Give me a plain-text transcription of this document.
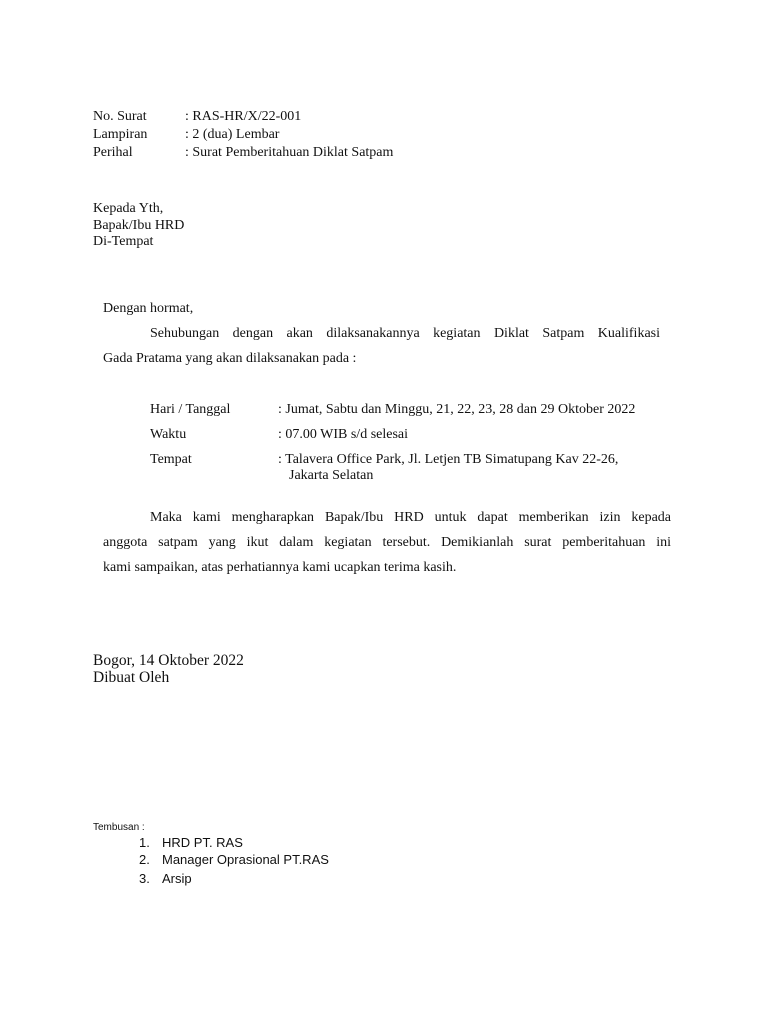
No. Surat	: RAS-HR/X/22-001
Lampiran	: 2 (dua) Lembar
Perihal	: Surat Pemberitahuan Diklat Satpam
Kepada Yth,
Bapak/Ibu HRD
Di-Tempat
Dengan hormat,
Sehubungan dengan akan dilaksanakannya kegiatan Diklat Satpam Kualifikasi
Gada Pratama yang akan dilaksanakan pada :
Hari / Tanggal	: Jumat, Sabtu dan Minggu, 21, 22, 23, 28 dan 29 Oktober 2022
Waktu	: 07.00 WIB s/d selesai
Tempat	: Talavera Office Park, Jl. Letjen TB Simatupang Kav 22-26,
Jakarta Selatan
Maka kami mengharapkan Bapak/Ibu HRD untuk dapat memberikan izin kepada
anggota satpam yang ikut dalam kegiatan tersebut. Demikianlah surat pemberitahuan ini
kami sampaikan, atas perhatiannya kami ucapkan terima kasih.
Bogor, 14 Oktober 2022
Dibuat Oleh
Tembusan :
1. HRD PT. RAS
2. Manager Oprasional PT.RAS
3. Arsip
